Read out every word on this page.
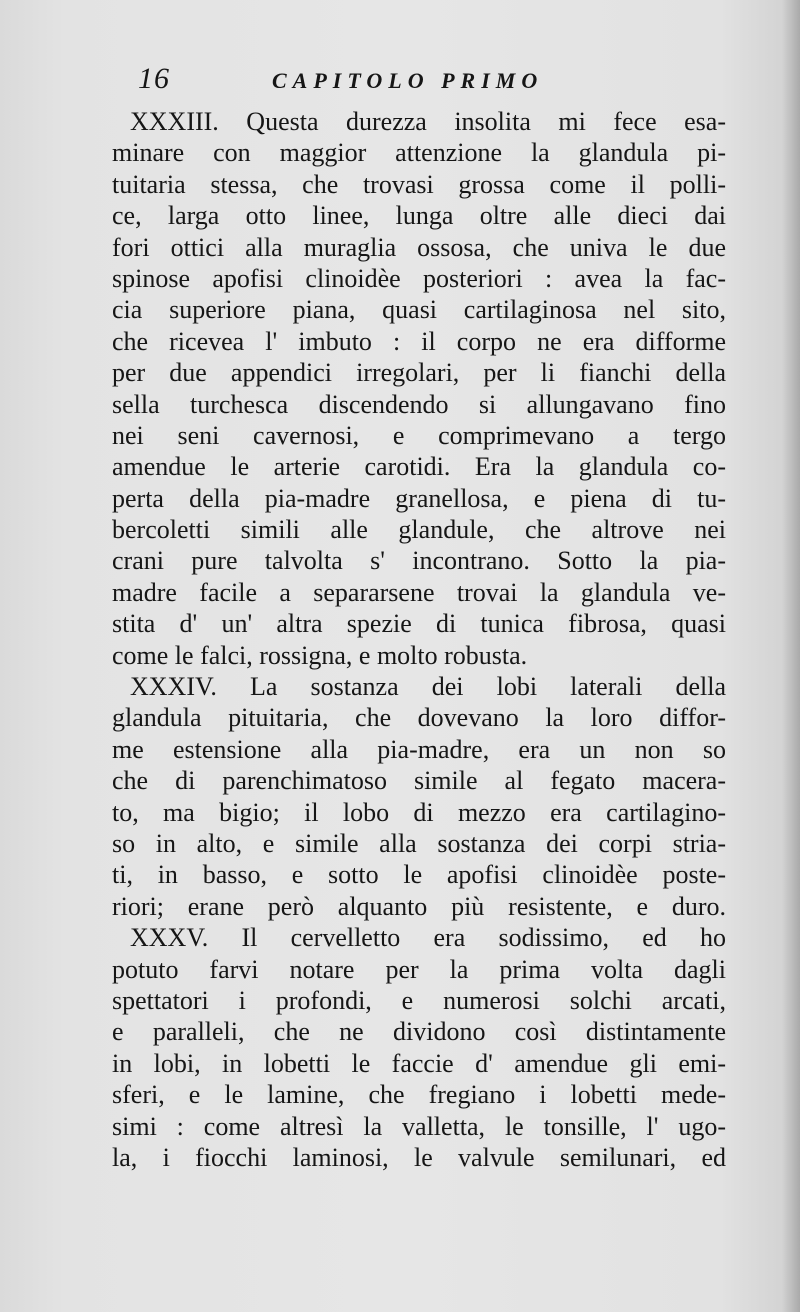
16	CAPITOLO PRIMO
XXXIII. Questa durezza insolita mi fece esa-
minare con maggior attenzione la glandula pi-
tuitaria stessa, che trovasi grossa come il polli-
ce, larga otto linee, lunga oltre alle dieci dai
fori ottici alla muraglia ossosa, che univa le due
spinose apofisi clinoidèe posteriori : avea la fac-
cia superiore piana, quasi cartilaginosa nel sito,
che ricevea l' imbuto : il corpo ne era difforme
per due appendici irregolari, per li fianchi della
sella turchesca discendendo si allungavano fino
nei seni cavernosi, e comprimevano a tergo
amendue le arterie carotidi. Era la glandula co-
perta della pia-madre granellosa, e piena di tu-
bercoletti simili alle glandule, che altrove nei
crani pure talvolta s' incontrano. Sotto la pia-
madre facile a separarsene trovai la glandula ve-
stita d' un' altra spezie di tunica fibrosa, quasi
come le falci, rossigna, e molto robusta.
XXXIV. La sostanza dei lobi laterali della
glandula pituitaria, che dovevano la loro diffor-
me estensione alla pia-madre, era un non so
che di parenchimatoso simile al fegato macera-
to, ma bigio; il lobo di mezzo era cartilagino-
so in alto, e simile alla sostanza dei corpi stria-
ti, in basso, e sotto le apofisi clinoidèe poste-
riori; erane però alquanto più resistente, e duro.
XXXV. Il cervelletto era sodissimo, ed ho
potuto farvi notare per la prima volta dagli
spettatori i profondi, e numerosi solchi arcati,
e paralleli, che ne dividono così distintamente
in lobi, in lobetti le faccie d' amendue gli emi-
sferi, e le lamine, che fregiano i lobetti mede-
simi : come altresì la valletta, le tonsille, l' ugo-
la, i fiocchi laminosi, le valvule semilunari, ed
